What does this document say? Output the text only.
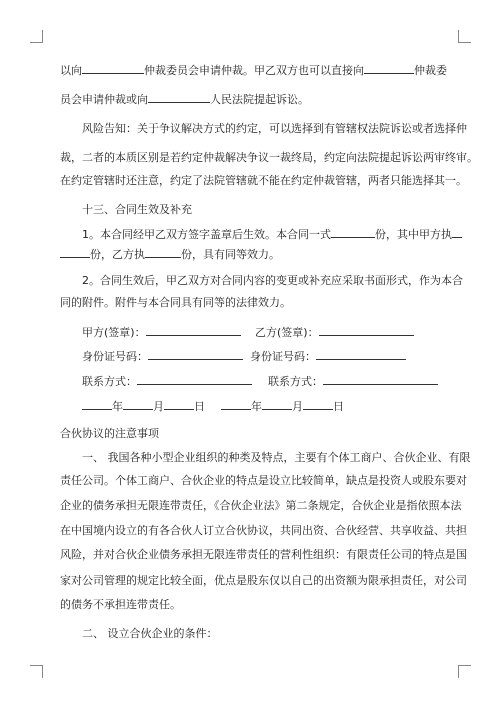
以向	仲裁委员会申请仲裁。甲乙双方也可以直接向	仲裁委
员会申请仲裁或向	人民法院提起诉讼。
风险告知：关于争议解决方式的约定，可以选择到有管辖权法院诉讼或者选择仲
裁，二者的本质区别是若约定仲裁解决争议一裁终局，约定向法院提起诉讼两审终审。
在约定管辖时还注意，约定了法院管辖就不能在约定仲裁管辖，两者只能选择其一。
十三、合同生效及补充
1。本合同经甲乙双方签字盖章后生效。本合同一式	份，其中甲方执
份，乙方执	份，具有同等效力。
2。合同生效后，甲乙双方对合同内容的变更或补充应采取书面形式，作为本合
同的附件。附件与本合同具有同等的法律效力。
甲方(签章)：	乙方(签章)：
身份证号码：	身份证号码：
联系方式：	联系方式：
年	月	日	年	月	日
合伙协议的注意事项
一、 我国各种小型企业组织的种类及特点，主要有个体工商户、合伙企业、有限
责任公司。个体工商户、合伙企业的特点是设立比较简单，缺点是投资人或股东要对
企业的债务承担无限连带责任，《合伙企业法》第二条规定，合伙企业是指依照本法
在中国境内设立的有各合伙人订立合伙协议，共同出资、合伙经营、共享收益、共担
风险，并对合伙企业债务承担无限连带责任的营利性组织：有限责任公司的特点是国
家对公司管理的规定比较全面，优点是股东仅以自己的出资额为限承担责任，对公司
的债务不承担连带责任。
二、 设立合伙企业的条件：
